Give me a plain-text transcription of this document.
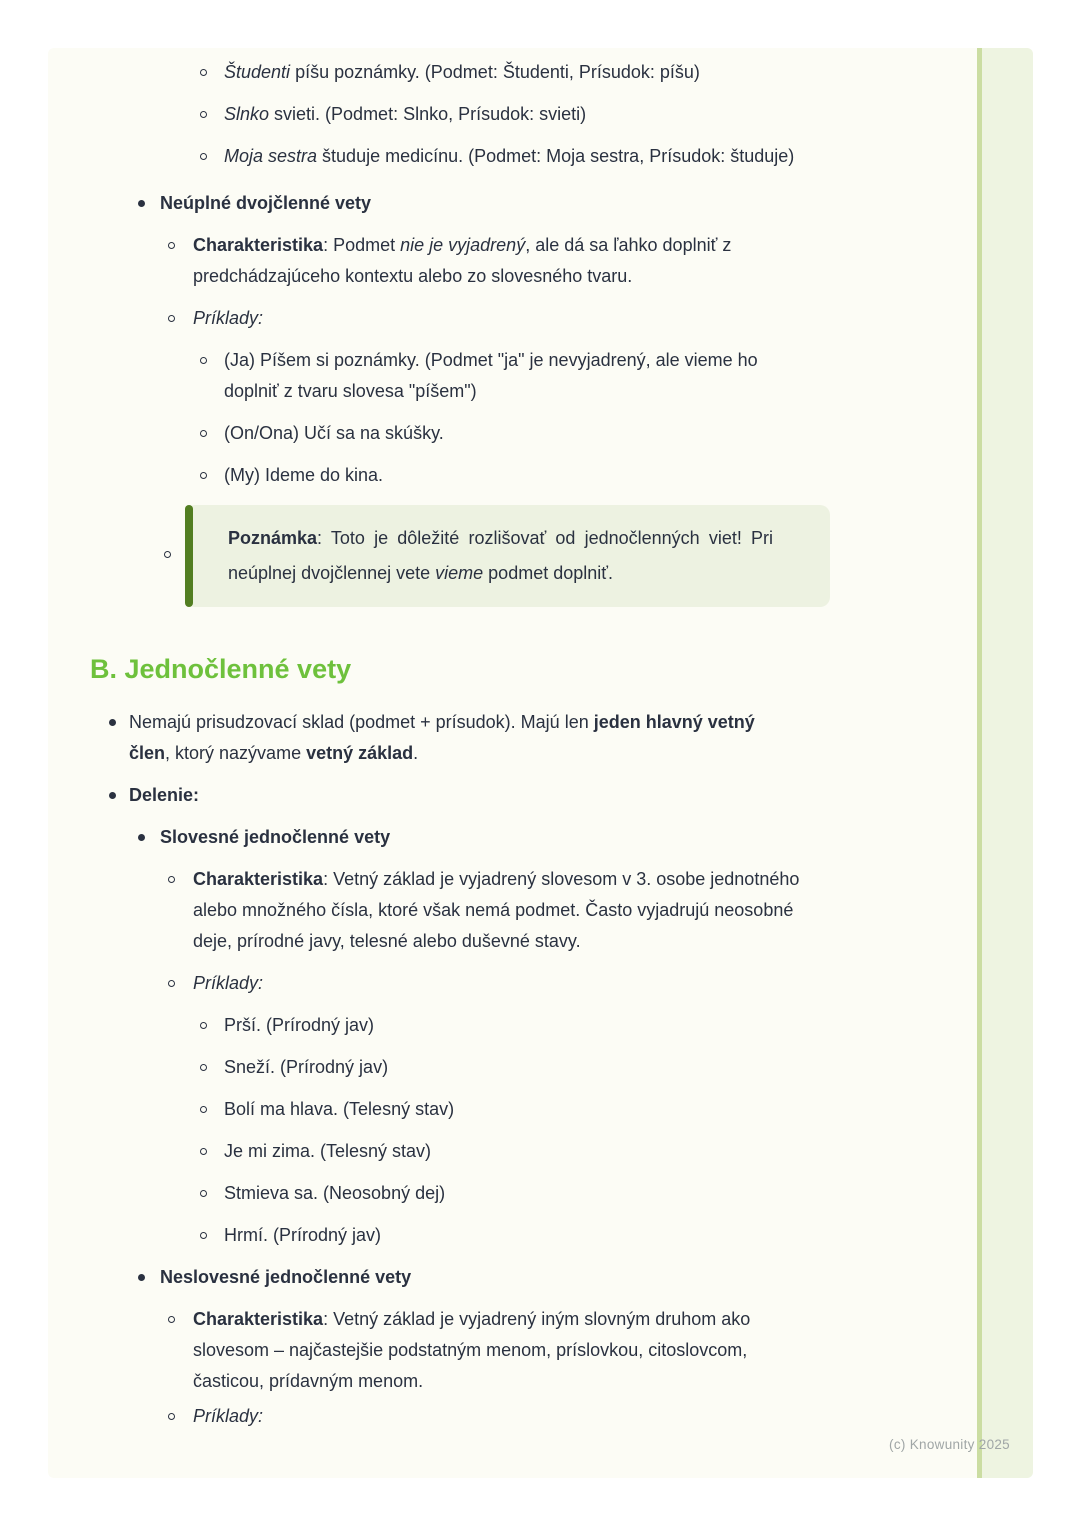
Študenti píšu poznámky. (Podmet: Študenti, Prísudok: píšu)
Slnko svieti. (Podmet: Slnko, Prísudok: svieti)
Moja sestra študuje medicínu. (Podmet: Moja sestra, Prísudok: študuje)
Neúplné dvojčlenné vety
Charakteristika: Podmet nie je vyjadrený, ale dá sa ľahko doplniť z predchádzajúceho kontextu alebo zo slovesného tvaru.
Príklady:
(Ja) Píšem si poznámky. (Podmet "ja" je nevyjadrený, ale vieme ho doplniť z tvaru slovesa "píšem")
(On/Ona) Učí sa na skúšky.
(My) Ideme do kina.

Poznámka: Toto je dôležité rozlišovať od jednočlenných viet! Pri neúplnej dvojčlennej vete vieme podmet doplniť.

B. Jednočlenné vety
Nemajú prisudzovací sklad (podmet + prísudok). Majú len jeden hlavný vetný člen, ktorý nazývame vetný základ.
Delenie:
Slovesné jednočlenné vety
Charakteristika: Vetný základ je vyjadrený slovesom v 3. osobe jednotného alebo množného čísla, ktoré však nemá podmet. Často vyjadrujú neosobné deje, prírodné javy, telesné alebo duševné stavy.
Príklady:
Prší. (Prírodný jav)
Sneží. (Prírodný jav)
Bolí ma hlava. (Telesný stav)
Je mi zima. (Telesný stav)
Stmieva sa. (Neosobný dej)
Hrmí. (Prírodný jav)
Neslovesné jednočlenné vety
Charakteristika: Vetný základ je vyjadrený iným slovným druhom ako slovesom – najčastejšie podstatným menom, príslovkou, citoslovcom, časticou, prídavným menom.
Príklady:
(c) Knowunity 2025
